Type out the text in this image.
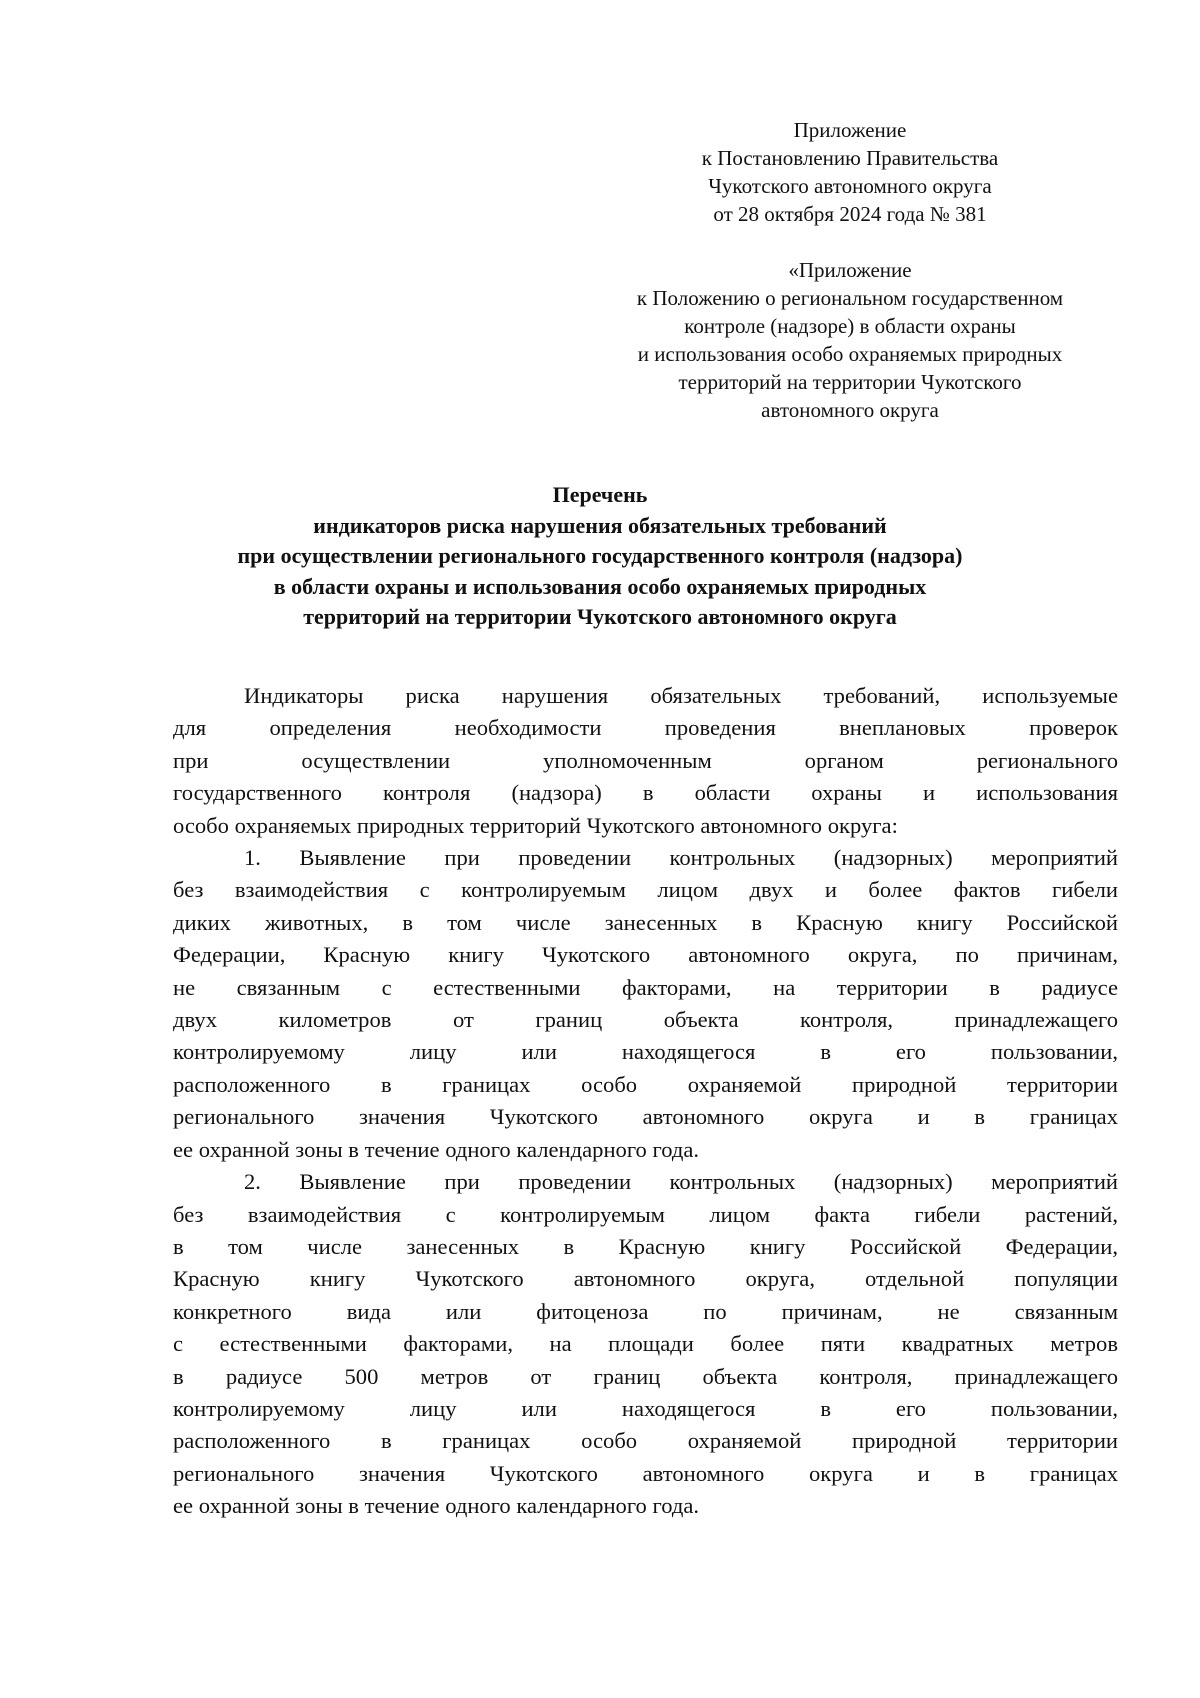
Приложение
к Постановлению Правительства
Чукотского автономного округа
от 28 октября 2024 года № 381
«Приложение
к Положению о региональном государственном
контроле (надзоре) в области охраны
и использования особо охраняемых природных
территорий на территории Чукотского
автономного округа
Перечень
индикаторов риска нарушения обязательных требований
при осуществлении регионального государственного контроля (надзора)
в области охраны и использования особо охраняемых природных
территорий на территории Чукотского автономного округа

Индикаторы риска нарушения обязательных требований, используемые
для определения необходимости проведения внеплановых проверок
при осуществлении уполномоченным органом регионального
государственного контроля (надзора) в области охраны и использования
особо охраняемых природных территорий Чукотского автономного округа:

1. Выявление при проведении контрольных (надзорных) мероприятий
без взаимодействия с контролируемым лицом двух и более фактов гибели
диких животных, в том числе занесенных в Красную книгу Российской
Федерации, Красную книгу Чукотского автономного округа, по причинам,
не связанным с естественными факторами, на территории в радиусе
двух километров от границ объекта контроля, принадлежащего
контролируемому лицу или находящегося в его пользовании,
расположенного в границах особо охраняемой природной территории
регионального значения Чукотского автономного округа и в границах
ее охранной зоны в течение одного календарного года.

2. Выявление при проведении контрольных (надзорных) мероприятий
без взаимодействия с контролируемым лицом факта гибели растений,
в том числе занесенных в Красную книгу Российской Федерации,
Красную книгу Чукотского автономного округа, отдельной популяции
конкретного вида или фитоценоза по причинам, не связанным
с естественными факторами, на площади более пяти квадратных метров
в радиусе 500 метров от границ объекта контроля, принадлежащего
контролируемому лицу или находящегося в его пользовании,
расположенного в границах особо охраняемой природной территории
регионального значения Чукотского автономного округа и в границах
ее охранной зоны в течение одного календарного года.
